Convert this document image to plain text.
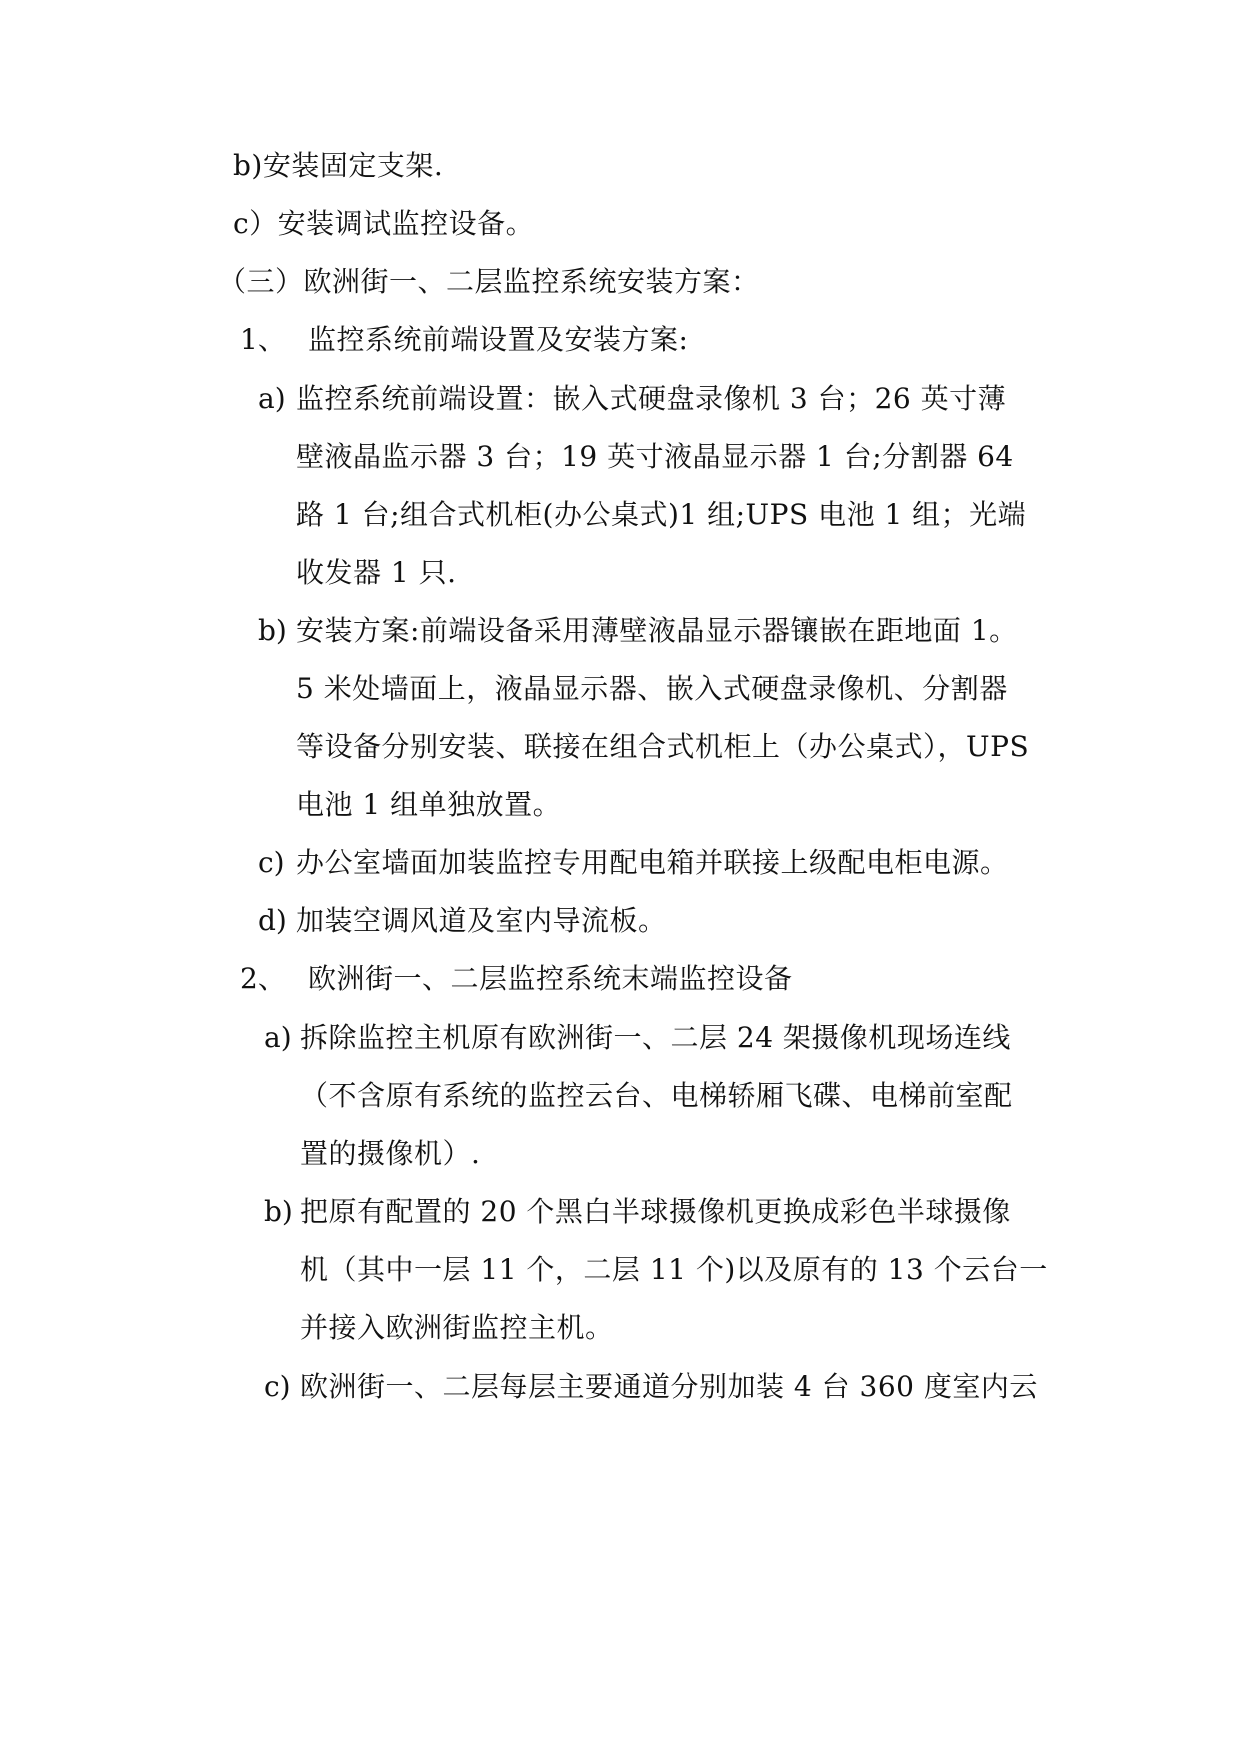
b)安装固定支架.
c）安装调试监控设备。
（三）欧洲街一、二层监控系统安装方案：
1、 监控系统前端设置及安装方案:
a) 监控系统前端设置：嵌入式硬盘录像机 3 台；26 英寸薄
壁液晶监示器 3 台；19 英寸液晶显示器 1 台;分割器 64
路 1 台;组合式机柜(办公桌式)1 组;UPS 电池 1 组；光端
收发器 1 只.
b) 安装方案:前端设备采用薄壁液晶显示器镶嵌在距地面 1。
5 米处墙面上，液晶显示器、嵌入式硬盘录像机、分割器
等设备分别安装、联接在组合式机柜上（办公桌式），UPS
电池 1 组单独放置。
c) 办公室墙面加装监控专用配电箱并联接上级配电柜电源。
d) 加装空调风道及室内导流板。
2、 欧洲街一、二层监控系统末端监控设备
a) 拆除监控主机原有欧洲街一、二层 24 架摄像机现场连线
（不含原有系统的监控云台、电梯轿厢飞碟、电梯前室配
置的摄像机）.
b) 把原有配置的 20 个黑白半球摄像机更换成彩色半球摄像
机（其中一层 11 个，二层 11 个)以及原有的 13 个云台一
并接入欧洲街监控主机。
c) 欧洲街一、二层每层主要通道分别加装 4 台 360 度室内云
